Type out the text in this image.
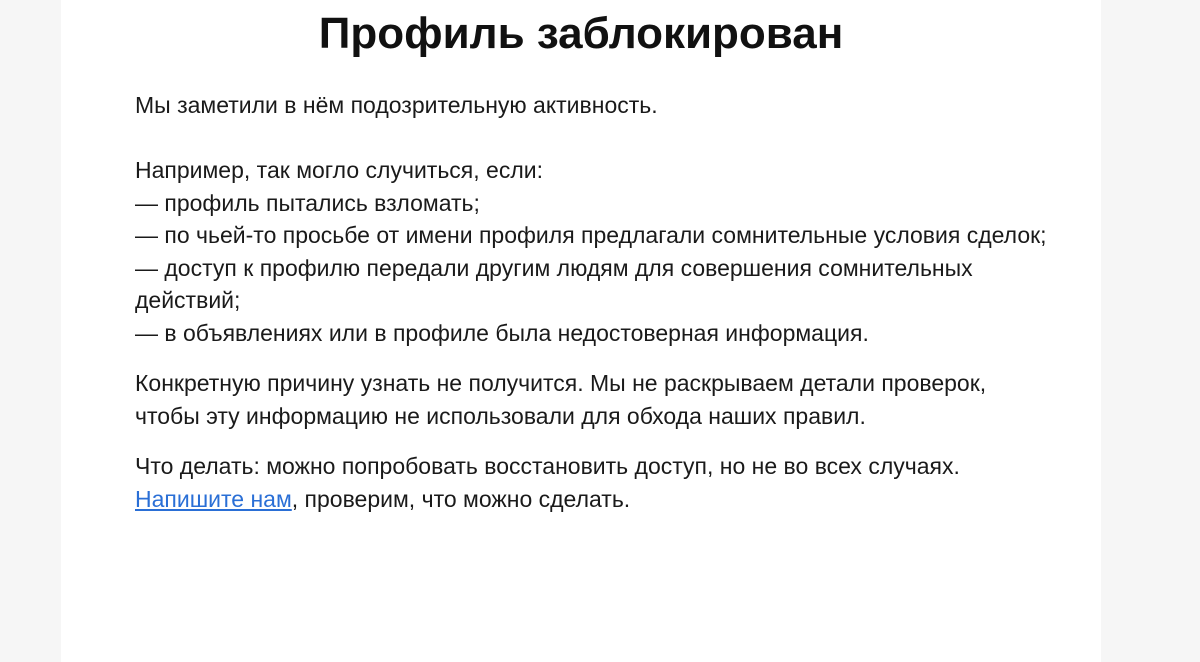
Профиль заблокирован

Мы заметили в нём подозрительную активность.

Например, так могло случиться, если:
— профиль пытались взломать;
— по чьей-то просьбе от имени профиля предлагали сомнительные условия сделок;
— доступ к профилю передали другим людям для совершения сомнительных действий;
— в объявлениях или в профиле была недостоверная информация.

Конкретную причину узнать не получится. Мы не раскрываем детали проверок, чтобы эту информацию не использовали для обхода наших правил.

Что делать: можно попробовать восстановить доступ, но не во всех случаях.
Напишите нам, проверим, что можно сделать.
